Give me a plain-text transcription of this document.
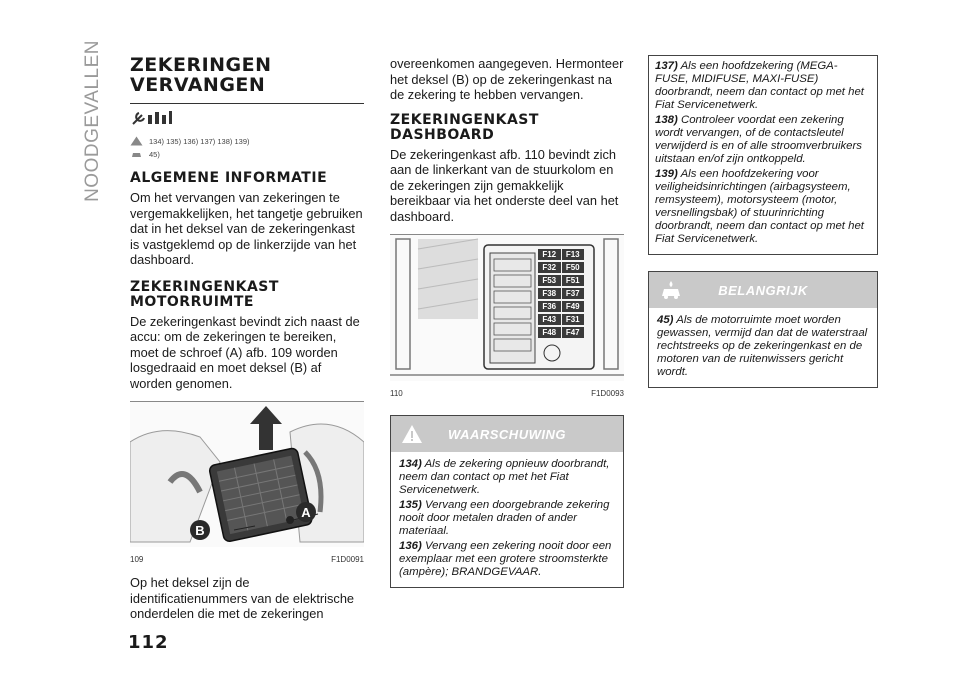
NOODGEVALLEN
112
ZEKERINGEN
VERVANGEN
134) 135) 136) 137) 138) 139)
45)
ALGEMENE INFORMATIE

Om het vervangen van zekeringen te vergemakkelijken, het tangetje gebruiken dat in het deksel van de zekeringenkast is vastgeklemd op de linkerzijde van het dashboard.

ZEKERINGENKAST
MOTORRUIMTE

De zekeringenkast bevindt zich naast de accu: om de zekeringen te bereiken, moet de schroef (A) afb. 109 worden losgedraaid en moet deksel (B) af worden genomen.

B
A
109	F1D0091

Op het deksel zijn de identificatienummers van de elektrische onderdelen die met de zekeringen

overeenkomen aangegeven. Hermonteer het deksel (B) op de zekeringenkast na de zekering te hebben vervangen.

ZEKERINGENKAST
DASHBOARD

De zekeringenkast afb. 110 bevindt zich aan de linkerkant van de stuurkolom en de zekeringen zijn gemakkelijk bereikbaar via het onderste deel van het dashboard.

F12	F13
F32	F50
F53	F51
F38	F37
F36	F49
F43	F31
F48	F47
110	F1D0093
WAARSCHUWING

134) Als de zekering opnieuw doorbrandt, neem dan contact op met het Fiat Servicenetwerk.

135) Vervang een doorgebrande zekering nooit door metalen draden of ander materiaal.

136) Vervang een zekering nooit door een exemplaar met een grotere stroomsterkte (ampère); BRANDGEVAAR.

137) Als een hoofdzekering (MEGA-FUSE, MIDIFUSE, MAXI-FUSE) doorbrandt, neem dan contact op met het Fiat Servicenetwerk.

138) Controleer voordat een zekering wordt vervangen, of de contactsleutel verwijderd is en of alle stroomverbruikers uitstaan en/of zijn ontkoppeld.

139) Als een hoofdzekering voor veiligheidsinrichtingen (airbagsysteem, remsysteem), motorsysteem (motor, versnellingsbak) of stuurinrichting doorbrandt, neem dan contact op met het Fiat Servicenetwerk.

BELANGRIJK

45) Als de motorruimte moet worden gewassen, vermijd dan dat de waterstraal rechtstreeks op de zekeringenkast en de motoren van de ruitenwissers gericht wordt.
